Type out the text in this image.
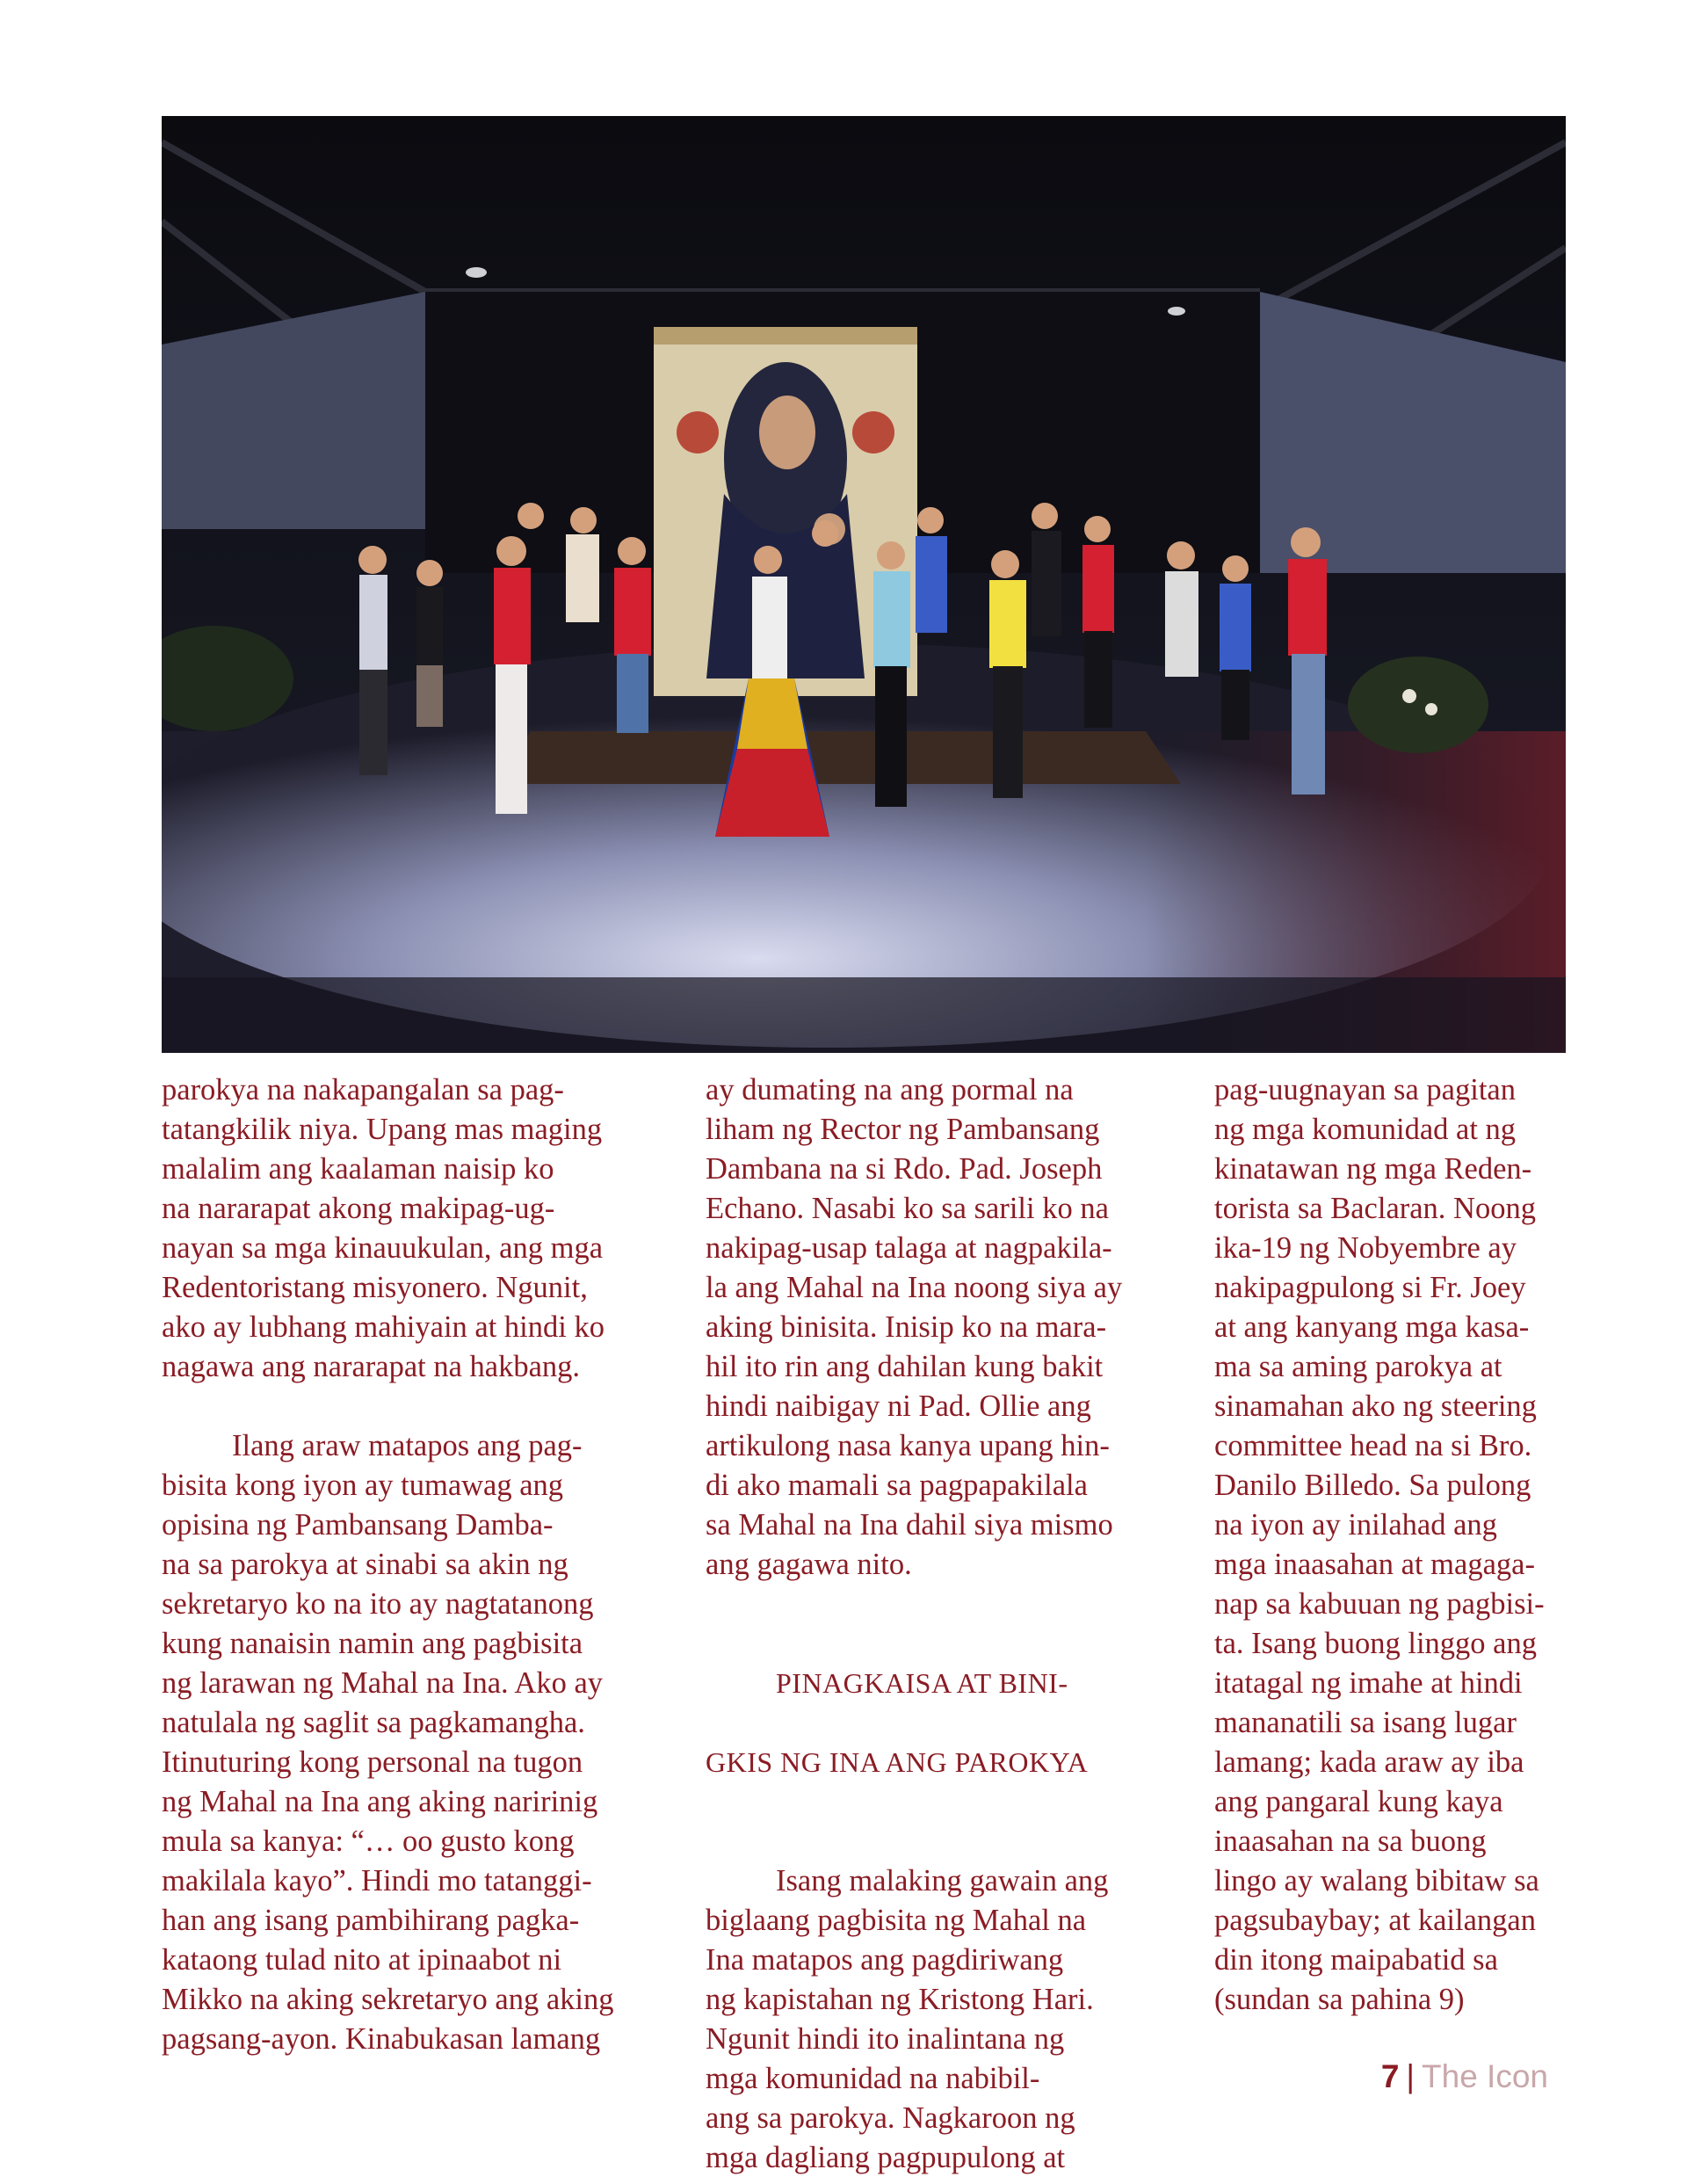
parokya na nakapangalan sa pag-
tatangkilik niya. Upang mas maging
malalim ang kaalaman naisip ko
na nararapat akong makipag-ug-
nayan sa mga kinauukulan, ang mga
Redentoristang misyonero. Ngunit,
ako ay lubhang mahiyain at hindi ko
nagawa ang nararapat na hakbang.

Ilang araw matapos ang pag-
bisita kong iyon ay tumawag ang
opisina ng Pambansang Damba-
na sa parokya at sinabi sa akin ng
sekretaryo ko na ito ay nagtatanong
kung nanaisin namin ang pagbisita
ng larawan ng Mahal na Ina. Ako ay
natulala ng saglit sa pagkamangha.
Itinuturing kong personal na tugon
ng Mahal na Ina ang aking naririnig
mula sa kanya: “… oo gusto kong
makilala kayo”. Hindi mo tatanggi-
han ang isang pambihirang pagka-
kataong tulad nito at ipinaabot ni
Mikko na aking sekretaryo ang aking
pagsang-ayon. Kinabukasan lamang

ay dumating na ang pormal na
liham ng Rector ng Pambansang
Dambana na si Rdo. Pad. Joseph
Echano. Nasabi ko sa sarili ko na
nakipag-usap talaga at nagpakila-
la ang Mahal na Ina noong siya ay
aking binisita. Inisip ko na mara-
hil ito rin ang dahilan kung bakit
hindi naibigay ni Pad. Ollie ang
artikulong nasa kanya upang hin-
di ako mamali sa pagpapakilala
sa Mahal na Ina dahil siya mismo
ang gagawa nito.

PINAGKAISA AT BINI-

GKIS NG INA ANG PAROKYA

Isang malaking gawain ang
biglaang pagbisita ng Mahal na
Ina matapos ang pagdiriwang
ng kapistahan ng Kristong Hari.
Ngunit hindi ito inalintana ng
mga komunidad na nabibil-
ang sa parokya. Nagkaroon ng
mga dagliang pagpupulong at

pag-uugnayan sa pagitan
ng mga komunidad at ng
kinatawan ng mga Reden-
torista sa Baclaran. Noong
ika-19 ng Nobyembre ay
nakipagpulong si Fr. Joey
at ang kanyang mga kasa-
ma sa aming parokya at
sinamahan ako ng steering
committee head na si Bro.
Danilo Billedo. Sa pulong
na iyon ay inilahad ang
mga inaasahan at magaga-
nap sa kabuuan ng pagbisi-
ta. Isang buong linggo ang
itatagal ng imahe at hindi
mananatili sa isang lugar
lamang; kada araw ay iba
ang pangaral kung kaya
inaasahan na sa buong
lingo ay walang bibitaw sa
pagsubaybay; at kailangan
din itong maipabatid sa
(sundan sa pahina 9)

7 | The Icon
